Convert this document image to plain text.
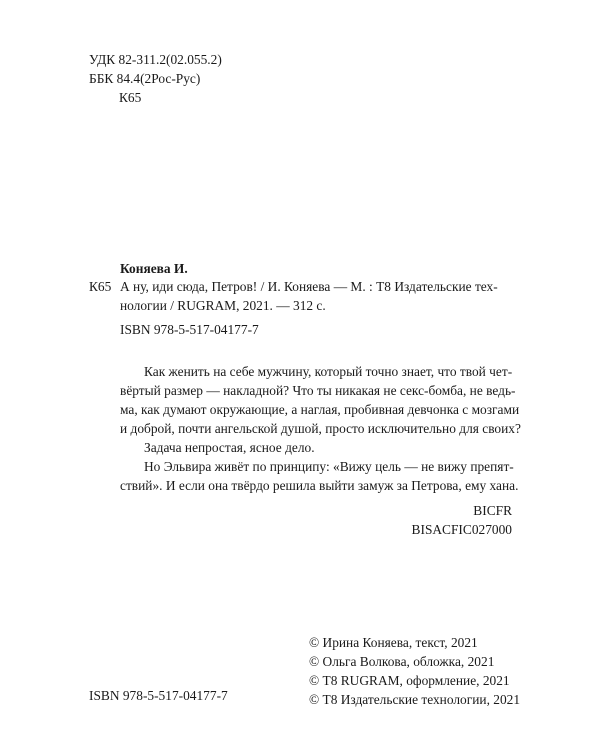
УДК 82-311.2(02.055.2)
ББК 84.4(2Рос-Рус)
К65
Коняева И.
К65 А ну, иди сюда, Петров! / И. Коняева — М. : Т8 Издательские тех-
нологии / RUGRAM, 2021. — 312 с.
ISBN 978-5-517-04177-7
Как женить на себе мужчину, который точно знает, что твой чет-
вёртый размер — накладной? Что ты никакая не секс-бомба, не ведь-
ма, как думают окружающие, а наглая, пробивная девчонка с мозгами
и доброй, почти ангельской душой, просто исключительно для своих?
Задача непростая, ясное дело.
Но Эльвира живёт по принципу: «Вижу цель — не вижу препят-
ствий». И если она твёрдо решила выйти замуж за Петрова, ему хана.
BICFR
BISACFIC027000
ISBN 978-5-517-04177-7
© Ирина Коняева, текст, 2021
© Ольга Волкова, обложка, 2021
© Т8 RUGRAM, оформление, 2021
© Т8 Издательские технологии, 2021
